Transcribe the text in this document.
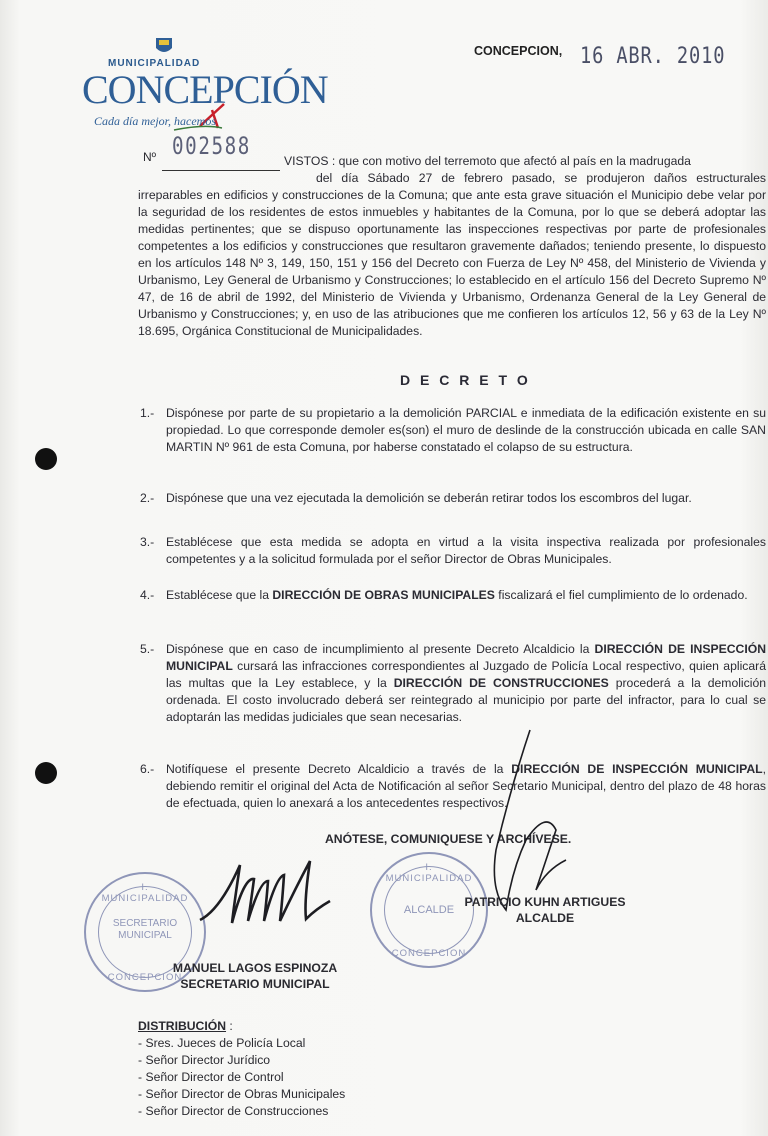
MUNICIPALIDAD
CONCEPCIÓN
Cada día mejor, hacemos
CONCEPCION, 16 ABR. 2010
Nº 002588
VISTOS : que con motivo del terremoto que afectó al país en la madrugada
del día Sábado 27 de febrero pasado, se produjeron daños estructurales irreparables en edificios y construcciones de la Comuna; que ante esta grave situación el Municipio debe velar por la seguridad de los residentes de estos inmuebles y habitantes de la Comuna, por lo que se deberá adoptar las medidas pertinentes; que se dispuso oportunamente las inspecciones respectivas por parte de profesionales competentes a los edificios y construcciones que resultaron gravemente dañados; teniendo presente, lo dispuesto en los artículos 148 Nº 3, 149, 150, 151 y 156 del Decreto con Fuerza de Ley Nº 458, del Ministerio de Vivienda y Urbanismo, Ley General de Urbanismo y Construcciones; lo establecido en el artículo 156 del Decreto Supremo Nº 47, de 16 de abril de 1992, del Ministerio de Vivienda y Urbanismo, Ordenanza General de la Ley General de Urbanismo y Construcciones; y, en uso de las atribuciones que me confieren los artículos 12, 56 y 63 de la Ley Nº 18.695, Orgánica Constitucional de Municipalidades.
D E C R E T O
1.- Dispónese por parte de su propietario a la demolición PARCIAL e inmediata de la edificación existente en su propiedad. Lo que corresponde demoler es(son) el muro de deslinde de la construcción ubicada en calle SAN MARTIN Nº 961 de esta Comuna, por haberse constatado el colapso de su estructura.
2.- Dispónese que una vez ejecutada la demolición se deberán retirar todos los escombros del lugar.
3.- Establécese que esta medida se adopta en virtud a la visita inspectiva realizada por profesionales competentes y a la solicitud formulada por el señor Director de Obras Municipales.
4.- Establécese que la DIRECCIÓN DE OBRAS MUNICIPALES fiscalizará el fiel cumplimiento de lo ordenado.
5.- Dispónese que en caso de incumplimiento al presente Decreto Alcaldicio la DIRECCIÓN DE INSPECCIÓN MUNICIPAL cursará las infracciones correspondientes al Juzgado de Policía Local respectivo, quien aplicará las multas que la Ley establece, y la DIRECCIÓN DE CONSTRUCCIONES procederá a la demolición ordenada. El costo involucrado deberá ser reintegrado al municipio por parte del infractor, para lo cual se adoptarán las medidas judiciales que sean necesarias.
6.- Notifíquese el presente Decreto Alcaldicio a través de la DIRECCIÓN DE INSPECCIÓN MUNICIPAL, debiendo remitir el original del Acta de Notificación al señor Secretario Municipal, dentro del plazo de 48 horas de efectuada, quien lo anexará a los antecedentes respectivos.
ANÓTESE, COMUNIQUESE Y ARCHÍVESE.
I. MUNICIPALIDAD
SECRETARIO
MUNICIPAL
CONCEPCION
I. MUNICIPALIDAD
ALCALDE
CONCEPCION
PATRICIO KUHN ARTIGUES
ALCALDE
MANUEL LAGOS ESPINOZA
SECRETARIO MUNICIPAL
DISTRIBUCIÓN :
- Sres. Jueces de Policía Local
- Señor Director Jurídico
- Señor Director de Control
- Señor Director de Obras Municipales
- Señor Director de Construcciones
